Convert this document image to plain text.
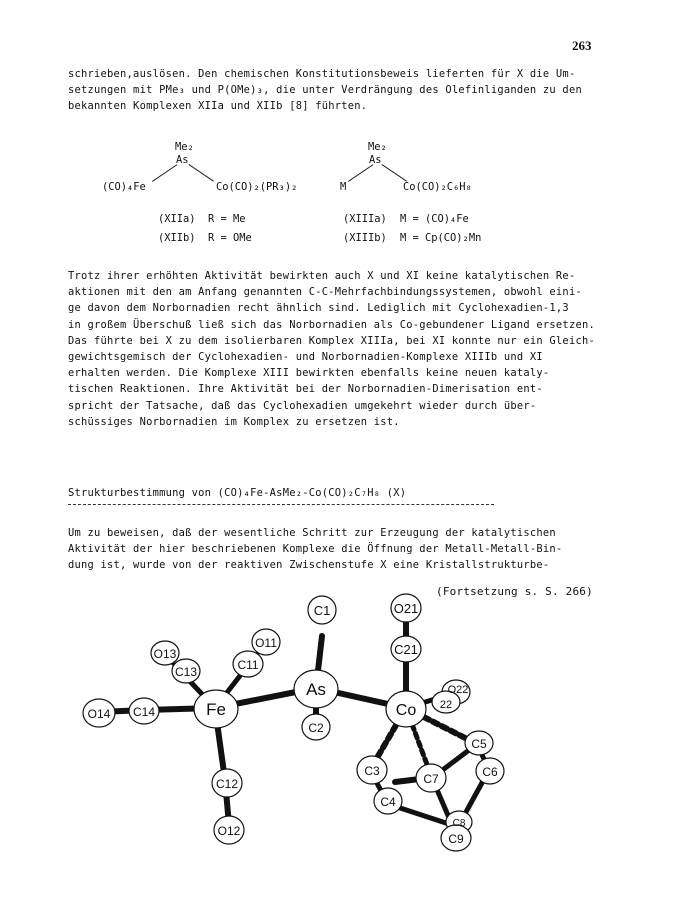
263
schrieben,auslösen. Den chemischen Konstitutionsbeweis lieferten für X die Um-
setzungen mit PMe₃ und P(OMe)₃, die unter Verdrängung des Olefinliganden zu den
bekannten Komplexen XIIa und XIIb [8] führten.
Me₂
As
(CO)₄Fe	Co(CO)₂(PR₃)₂
Me₂
As
M	Co(CO)₂C₆H₈
(XIIa) R = Me
(XIIb) R = OMe
(XIIIa) M = (CO)₄Fe
(XIIIb) M = Cp(CO)₂Mn
Trotz ihrer erhöhten Aktivität bewirkten auch X und XI keine katalytischen Re-
aktionen mit den am Anfang genannten C-C-Mehrfachbindungssystemen, obwohl eini-
ge davon dem Norbornadien recht ähnlich sind. Lediglich mit Cyclohexadien-1,3
in großem Überschuß ließ sich das Norbornadien als Co-gebundener Ligand ersetzen.
Das führte bei X zu dem isolierbaren Komplex XIIIa, bei XI konnte nur ein Gleich-
gewichtsgemisch der Cyclohexadien- und Norbornadien-Komplexe XIIIb und XI
erhalten werden. Die Komplexe XIII bewirkten ebenfalls keine neuen kataly-
tischen Reaktionen. Ihre Aktivität bei der Norbornadien-Dimerisation ent-
spricht der Tatsache, daß das Cyclohexadien umgekehrt wieder durch über-
schüssiges Norbornadien im Komplex zu ersetzen ist.
Strukturbestimmung von (CO)₄Fe-AsMe₂-Co(CO)₂C₇H₈ (X)
Um zu beweisen, daß der wesentliche Schritt zur Erzeugung der katalytischen
Aktivität der hier beschriebenen Komplexe die Öffnung der Metall-Metall-Bin-
dung ist, wurde von der reaktiven Zwischenstufe X eine Kristallstrukturbe-
(Fortsetzung s. S. 266)
Fe
As
Co
C1	O21
O11	C21
O13
C13	C11
O22
22
O14 C14
C2
C5
C3
C7	C6
C12
C4
C8
C9
O12
